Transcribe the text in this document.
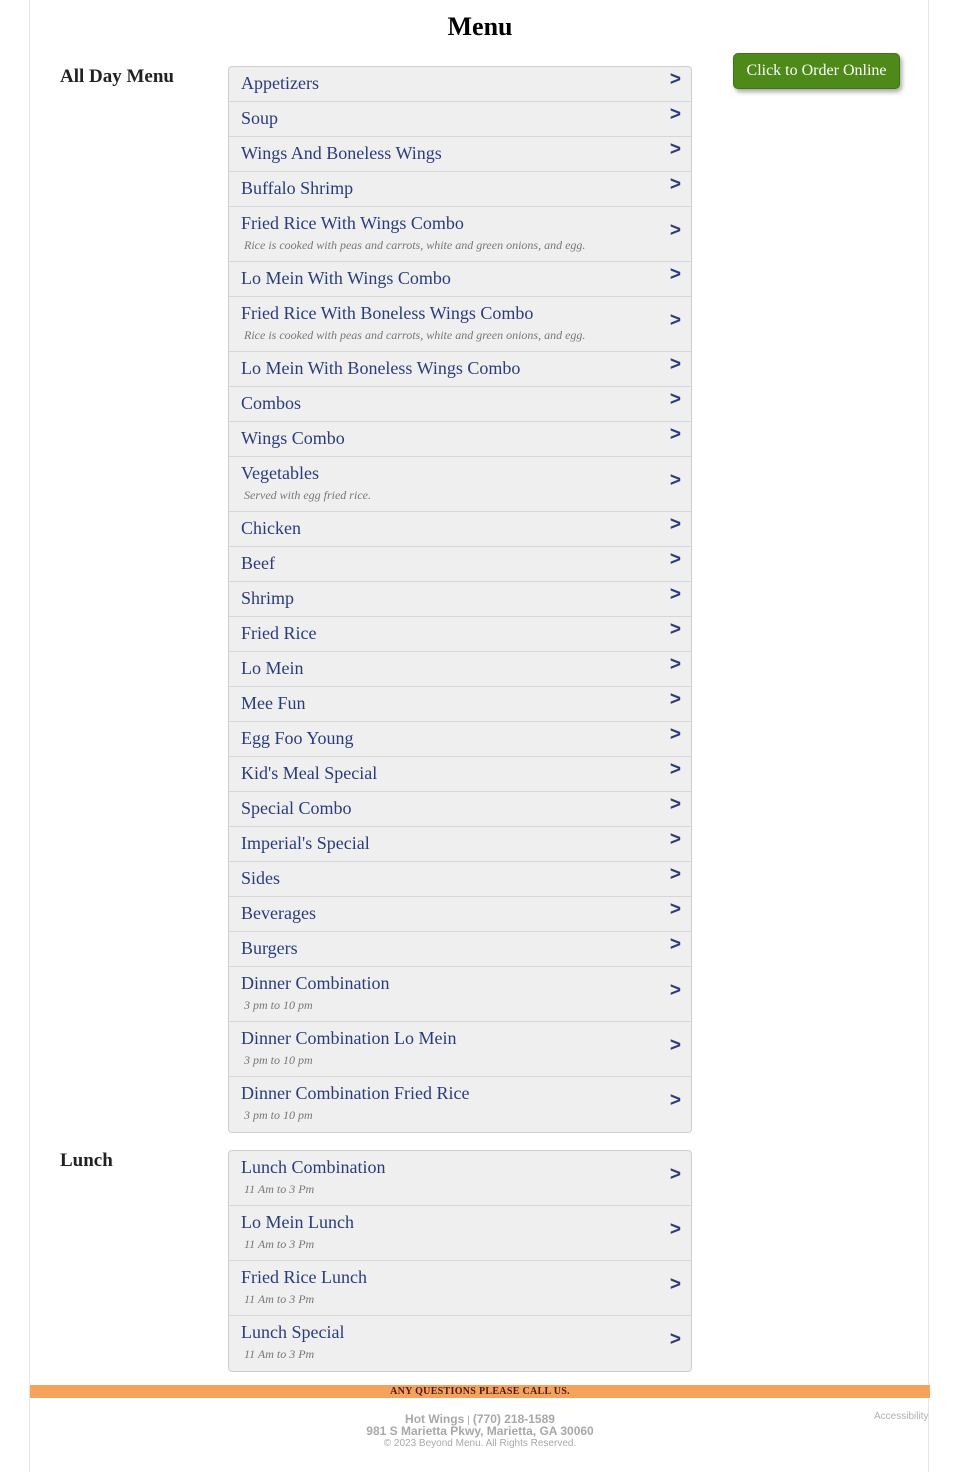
Menu
Click to Order Online
All Day Menu	Appetizers	>
Soup	>
Wings And Boneless Wings	>
Buffalo Shrimp	>
Fried Rice With Wings Combo
Rice is cooked with peas and carrots, white and green onions, and egg.
>
Lo Mein With Wings Combo	>
Fried Rice With Boneless Wings Combo
Rice is cooked with peas and carrots, white and green onions, and egg.
>
Lo Mein With Boneless Wings Combo	>
Combos	>
Wings Combo	>
Vegetables
Served with egg fried rice.
>
Chicken	>
Beef	>
Shrimp	>
Fried Rice	>
Lo Mein	>
Mee Fun	>
Egg Foo Young	>
Kid's Meal Special	>
Special Combo	>
Imperial's Special	>
Sides	>
Beverages	>
Burgers	>
Dinner Combination
3 pm to 10 pm
>
Dinner Combination Lo Mein
3 pm to 10 pm
>
Dinner Combination Fried Rice
3 pm to 10 pm
>
Lunch	Lunch Combination
11 Am to 3 Pm
>
Lo Mein Lunch
11 Am to 3 Pm
>
Fried Rice Lunch
11 Am to 3 Pm
>
Lunch Special
11 Am to 3 Pm
>
ANY QUESTIONS PLEASE CALL US.
Hot Wings | (770) 218-1589
981 S Marietta Pkwy, Marietta, GA 30060
© 2023 Beyond Menu. All Rights Reserved.
Accessibility
